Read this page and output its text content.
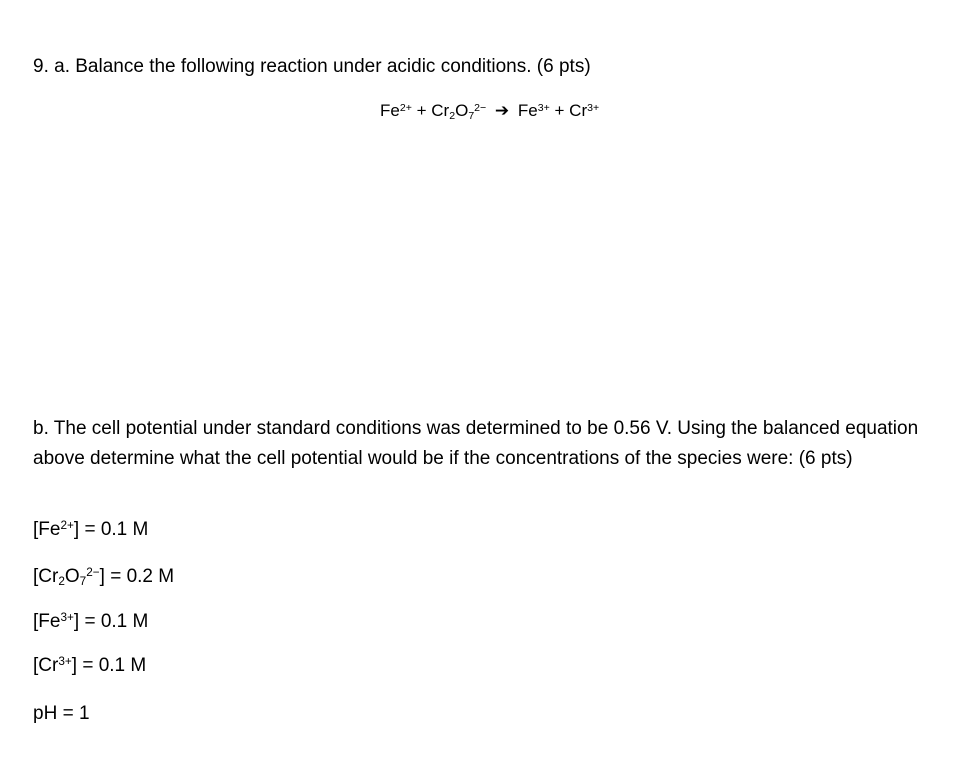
9. a. Balance the following reaction under acidic conditions. (6 pts)
$Fe^{2+} + Cr_2O_7^{2-}$ ➔ $Fe^{3+} + Cr^{3+}$
b. The cell potential under standard conditions was determined to be 0.56 V. Using the balanced equation above determine what the cell potential would be if the concentrations of the species were: (6 pts)
$[Fe^{2+}] = 0.1$ M
$[Cr_2O_7^{2-}] = 0.2$ M
$[Fe^{3+}] = 0.1$ M
$[Cr^{3+}] = 0.1$ M
pH = 1
